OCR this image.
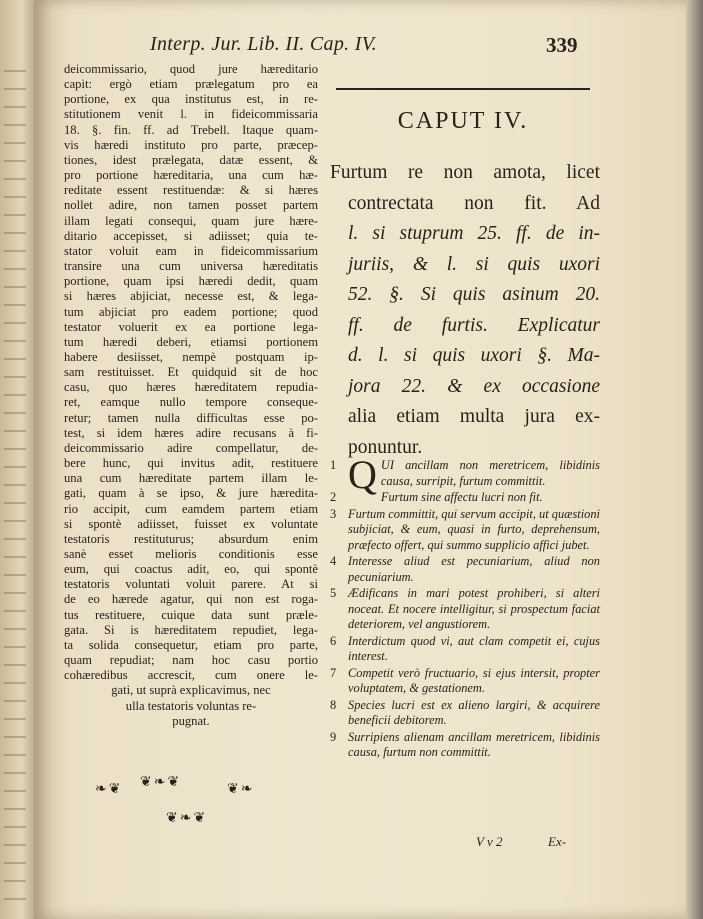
Interp. Jur. Lib. II. Cap. IV.	339
deicommissario, quod jure hæreditario
capit: ergò etiam prælegatum pro ea
portione, ex qua institutus est, in re-
stitutionem venit l. in fideicommissaria
18. §. fin. ff. ad Trebell. Itaque quam-
vis hæredi instituto pro parte, præcep-
tiones, idest prælegata, datæ essent, &
pro portione hæreditaria, una cum hæ-
reditate essent restituendæ: & si hæres
nollet adire, non tamen posset partem
illam legati consequi, quam jure hære-
ditario accepisset, si adiisset; quia te-
stator voluit eam in fideicommissarium
transire una cum universa hæreditatis
portione, quam ipsi hæredi dedit, quam
si hæres abjiciat, necesse est, & lega-
tum abjiciat pro eadem portione; quod
testator voluerit ex ea portione lega-
tum hæredi deberi, etiamsi portionem
habere desiisset, nempè postquam ip-
sam restituisset. Et quidquid sit de hoc
casu, quo hæres hæreditatem repudia-
ret, eamque nullo tempore conseque-
retur; tamen nulla difficultas esse po-
test, si idem hæres adire recusans à fi-
deicommissario adire compellatur, de-
bere hunc, qui invitus adit, restituere
una cum hæreditate partem illam le-
gati, quam à se ipso, & jure hæredita-
rio accipit, cum eamdem partem etiam
si spontè adiisset, fuisset ex voluntate
testatoris restituturus; absurdum enim
sanè esset melioris conditionis esse
eum, qui coactus adit, eo, qui spontè
testatoris voluntati voluit parere. At si
de eo hærede agatur, qui non est roga-
tus restituere, cuique data sunt præle-
gata. Si is hæreditatem repudiet, lega-
ta solida consequetur, etiam pro parte,
quam repudiat; nam hoc casu portio
cohæredibus accrescit, cum onere le-
gati, ut suprà explicavimus, nec
ulla testatoris voluntas re-
pugnat.
❦❧❦
❧❦	❦❧
❦❧❦
CAPUT IV.
Furtum re non amota, licet
contrectata non fit. Ad
l. si stuprum 25. ff. de in-
juriis, & l. si quis uxori
52. §. Si quis asinum 20.
ff. de furtis. Explicatur
d. l. si quis uxori §. Ma-
jora 22. & ex occasione
alia etiam multa jura ex-
ponuntur.
1 QUI ancillam non meretricem, libidinis causa, surripit, furtum committit.
2	Furtum sine affectu lucri non fit.
3 Furtum committit, qui servum accipit, ut quæstioni subjiciat, & eum, quasi in furto, deprehensum, præfecto offert, qui summo supplicio affici jubet.
4 Interesse aliud est pecuniarium, aliud non pecuniarium.
5 Ædificans in mari potest prohiberi, si alteri noceat. Et nocere intelligitur, si prospectum faciat deteriorem, vel angustiorem.
6 Interdictum quod vi, aut clam competit ei, cujus interest.
7 Competit verò fructuario, si ejus intersit, propter voluptatem, & gestationem.
8 Species lucri est ex alieno largiri, & acquirere beneficii debitorem.
9 Surripiens alienam ancillam meretricem, libidinis causa, furtum non committit.
V v 2	Ex-
